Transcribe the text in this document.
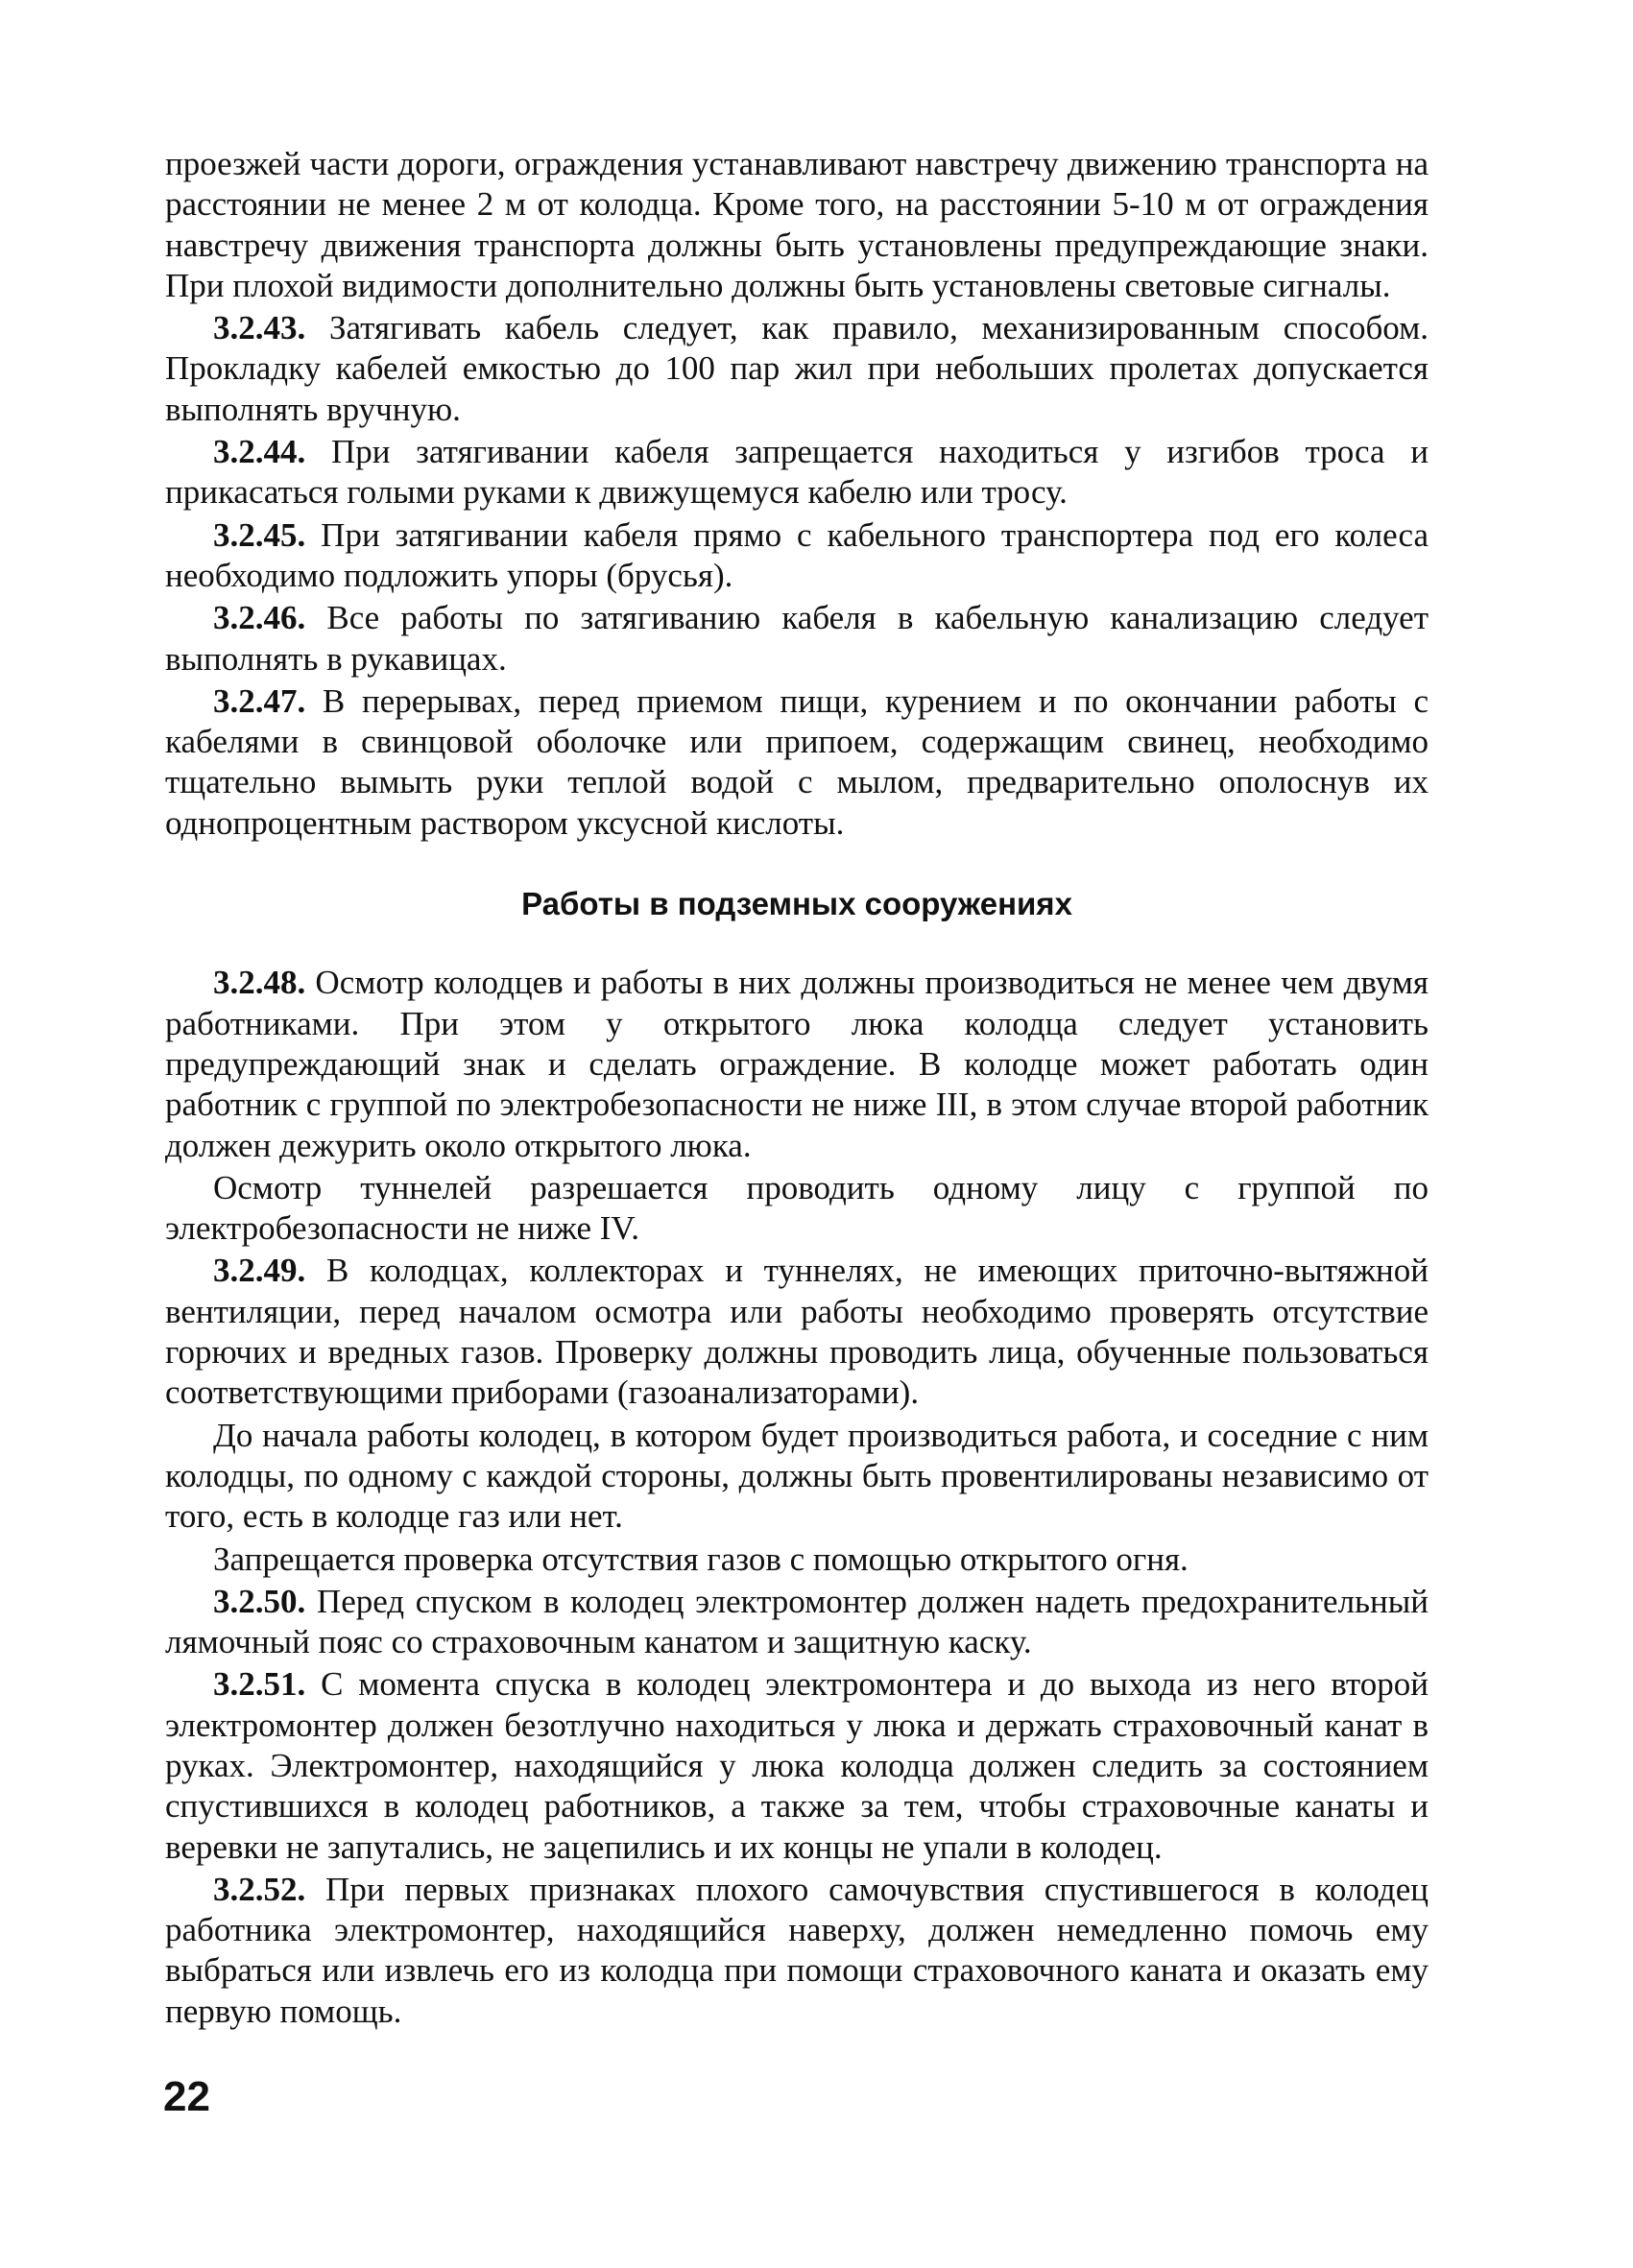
проезжей части дороги, ограждения устанавливают навстречу движению транспорта на расстоянии не менее 2 м от колодца. Кроме того, на расстоянии 5-10 м от ограждения навстречу движения транспорта должны быть установлены предупреждающие знаки. При плохой видимости дополнительно должны быть установлены световые сигналы.

3.2.43. Затягивать кабель следует, как правило, механизированным способом. Прокладку кабелей емкостью до 100 пар жил при небольших пролетах допускается выполнять вручную.

3.2.44. При затягивании кабеля запрещается находиться у изгибов троса и прикасаться голыми руками к движущемуся кабелю или тросу.

3.2.45. При затягивании кабеля прямо с кабельного транспортера под его колеса необходимо подложить упоры (брусья).

3.2.46. Все работы по затягиванию кабеля в кабельную канализацию следует выполнять в рукавицах.

3.2.47. В перерывах, перед приемом пищи, курением и по окончании работы с кабелями в свинцовой оболочке или припоем, содержащим свинец, необходимо тщательно вымыть руки теплой водой с мылом, предварительно ополоснув их однопроцентным раствором уксусной кислоты.

Работы в подземных сооружениях

3.2.48. Осмотр колодцев и работы в них должны производиться не менее чем двумя работниками. При этом у открытого люка колодца следует установить предупреждающий знак и сделать ограждение. В колодце может работать один работник с группой по электробезопасности не ниже III, в этом случае второй работник должен дежурить около открытого люка.

Осмотр туннелей разрешается проводить одному лицу с группой по электробезопасности не ниже IV.

3.2.49. В колодцах, коллекторах и туннелях, не имеющих приточно-вытяжной вентиляции, перед началом осмотра или работы необходимо проверять отсутствие горючих и вредных газов. Проверку должны проводить лица, обученные пользоваться соответствующими приборами (газоанализаторами).

До начала работы колодец, в котором будет производиться работа, и соседние с ним колодцы, по одному с каждой стороны, должны быть провентилированы независимо от того, есть в колодце газ или нет.

Запрещается проверка отсутствия газов с помощью открытого огня.

3.2.50. Перед спуском в колодец электромонтер должен надеть предохранительный лямочный пояс со страховочным канатом и защитную каску.

3.2.51. С момента спуска в колодец электромонтера и до выхода из него второй электромонтер должен безотлучно находиться у люка и держать страховочный канат в руках. Электромонтер, находящийся у люка колодца должен следить за состоянием спустившихся в колодец работников, а также за тем, чтобы страховочные канаты и веревки не запутались, не зацепились и их концы не упали в колодец.

3.2.52. При первых признаках плохого самочувствия спустившегося в колодец работника электромонтер, находящийся наверху, должен немедленно помочь ему выбраться или извлечь его из колодца при помощи страховочного каната и оказать ему первую помощь.

22
